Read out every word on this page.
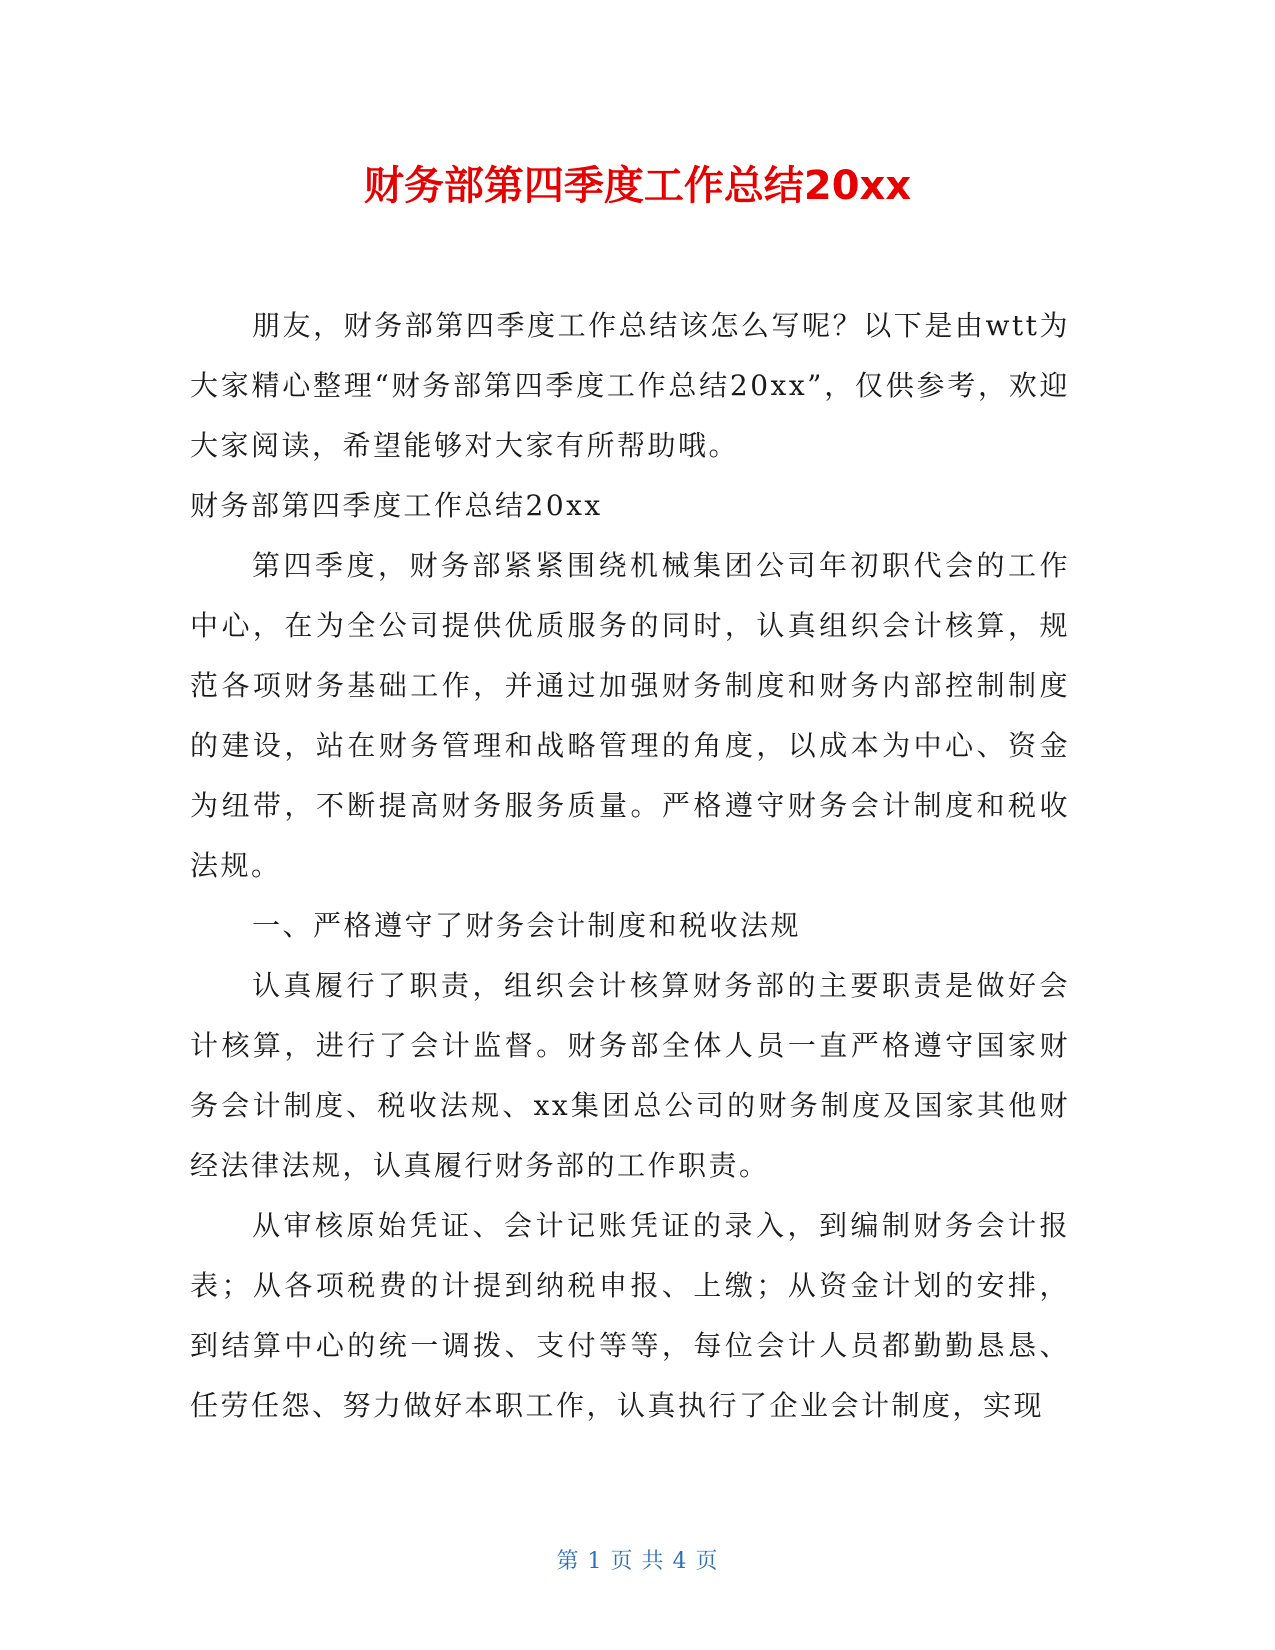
财务部第四季度工作总结20xx

朋友，财务部第四季度工作总结该怎么写呢？以下是由wtt为大家精心整理“财务部第四季度工作总结20xx”，仅供参考，欢迎大家阅读，希望能够对大家有所帮助哦。

财务部第四季度工作总结20xx

第四季度，财务部紧紧围绕机械集团公司年初职代会的工作中心，在为全公司提供优质服务的同时，认真组织会计核算，规范各项财务基础工作，并通过加强财务制度和财务内部控制制度的建设，站在财务管理和战略管理的角度，以成本为中心、资金为纽带，不断提高财务服务质量。严格遵守财务会计制度和税收法规。

一、严格遵守了财务会计制度和税收法规

认真履行了职责，组织会计核算财务部的主要职责是做好会计核算，进行了会计监督。财务部全体人员一直严格遵守国家财务会计制度、税收法规、xx集团总公司的财务制度及国家其他财经法律法规，认真履行财务部的工作职责。

从审核原始凭证、会计记账凭证的录入，到编制财务会计报表；从各项税费的计提到纳税申报、上缴；从资金计划的安排，到结算中心的统一调拨、支付等等，每位会计人员都勤勤恳恳、任劳任怨、努力做好本职工作，认真执行了企业会计制度，实现

第 1 页 共 4 页
